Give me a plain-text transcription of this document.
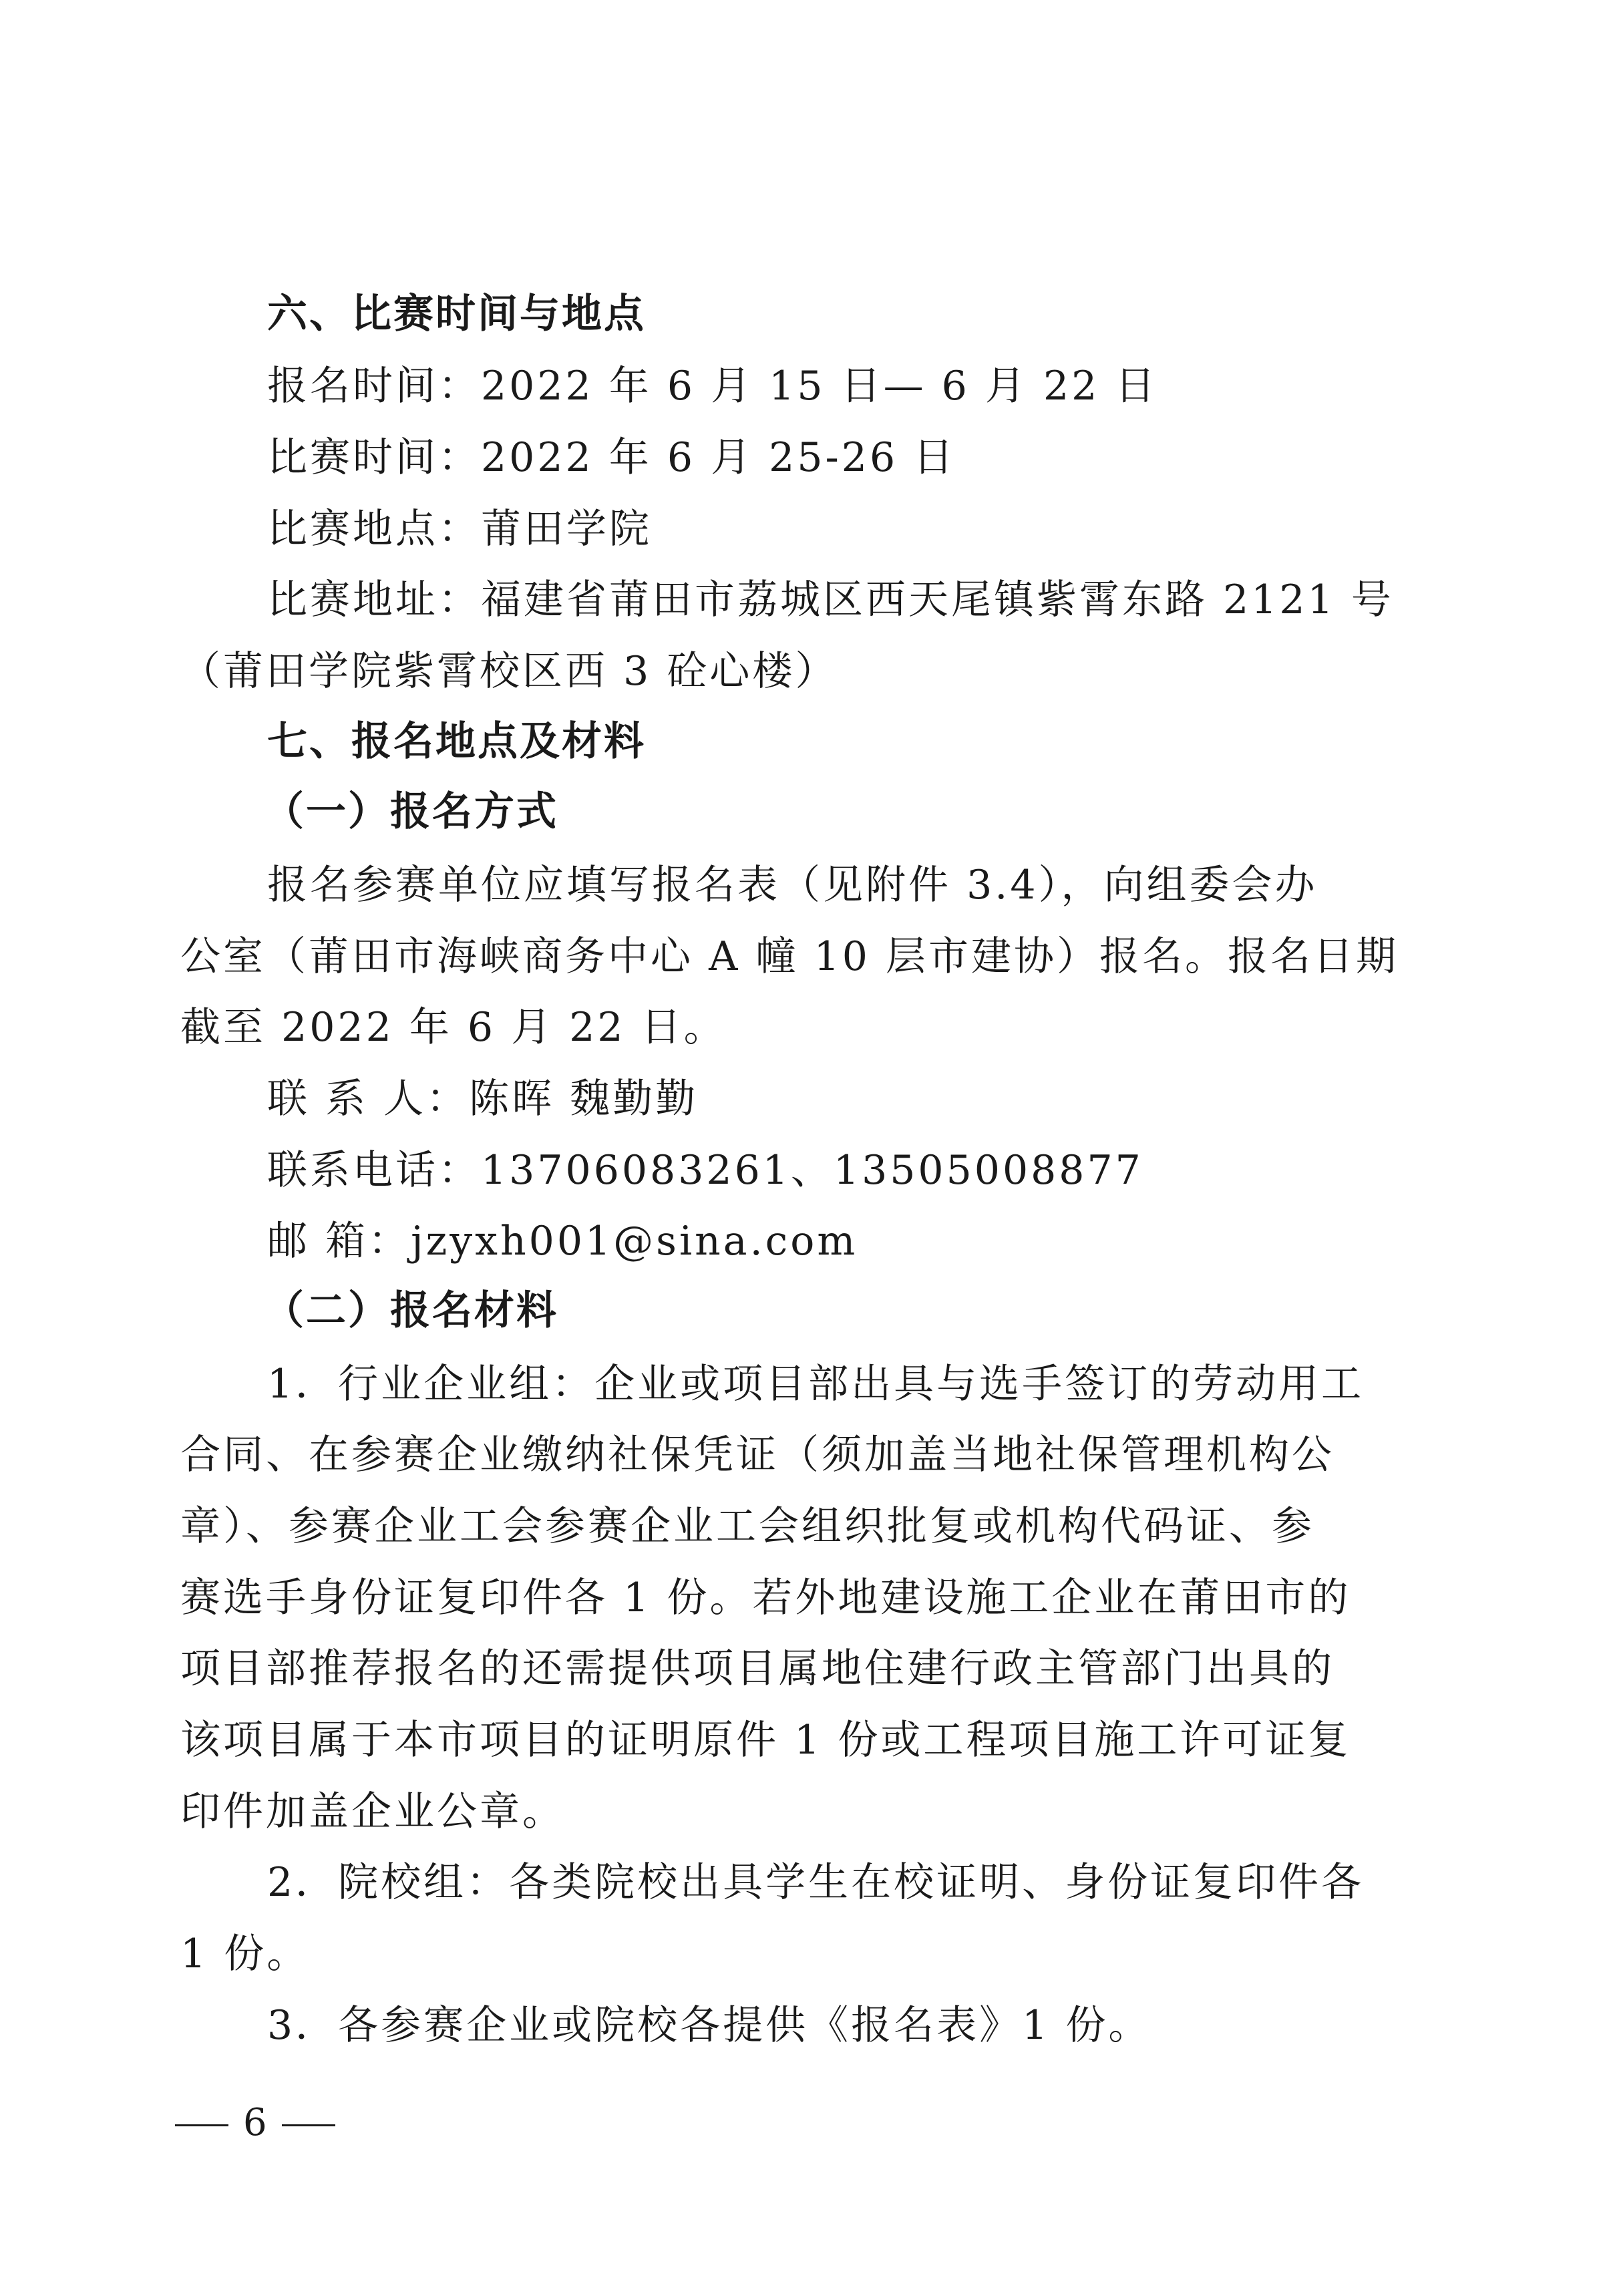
六、比赛时间与地点
报名时间：2022 年 6 月 15 日— 6 月 22 日
比赛时间：2022 年 6 月 25-26 日
比赛地点：莆田学院
比赛地址：福建省莆田市荔城区西天尾镇紫霄东路 2121 号
（莆田学院紫霄校区西 3 砼心楼）
七、报名地点及材料
（一）报名方式
报名参赛单位应填写报名表（见附件 3.4），向组委会办
公室（莆田市海峡商务中心 A 幢 10 层市建协）报名。报名日期
截至 2022 年 6 月 22 日。
联 系 人：陈晖 魏勤勤
联系电话：13706083261、13505008877
邮 箱：jzyxh001@sina.com
（二）报名材料
1．行业企业组：企业或项目部出具与选手签订的劳动用工
合同、在参赛企业缴纳社保凭证（须加盖当地社保管理机构公
章）、参赛企业工会参赛企业工会组织批复或机构代码证、参
赛选手身份证复印件各 1 份。若外地建设施工企业在莆田市的
项目部推荐报名的还需提供项目属地住建行政主管部门出具的
该项目属于本市项目的证明原件 1 份或工程项目施工许可证复
印件加盖企业公章。
2．院校组：各类院校出具学生在校证明、身份证复印件各
1 份。
3．各参赛企业或院校各提供《报名表》1 份。
6
